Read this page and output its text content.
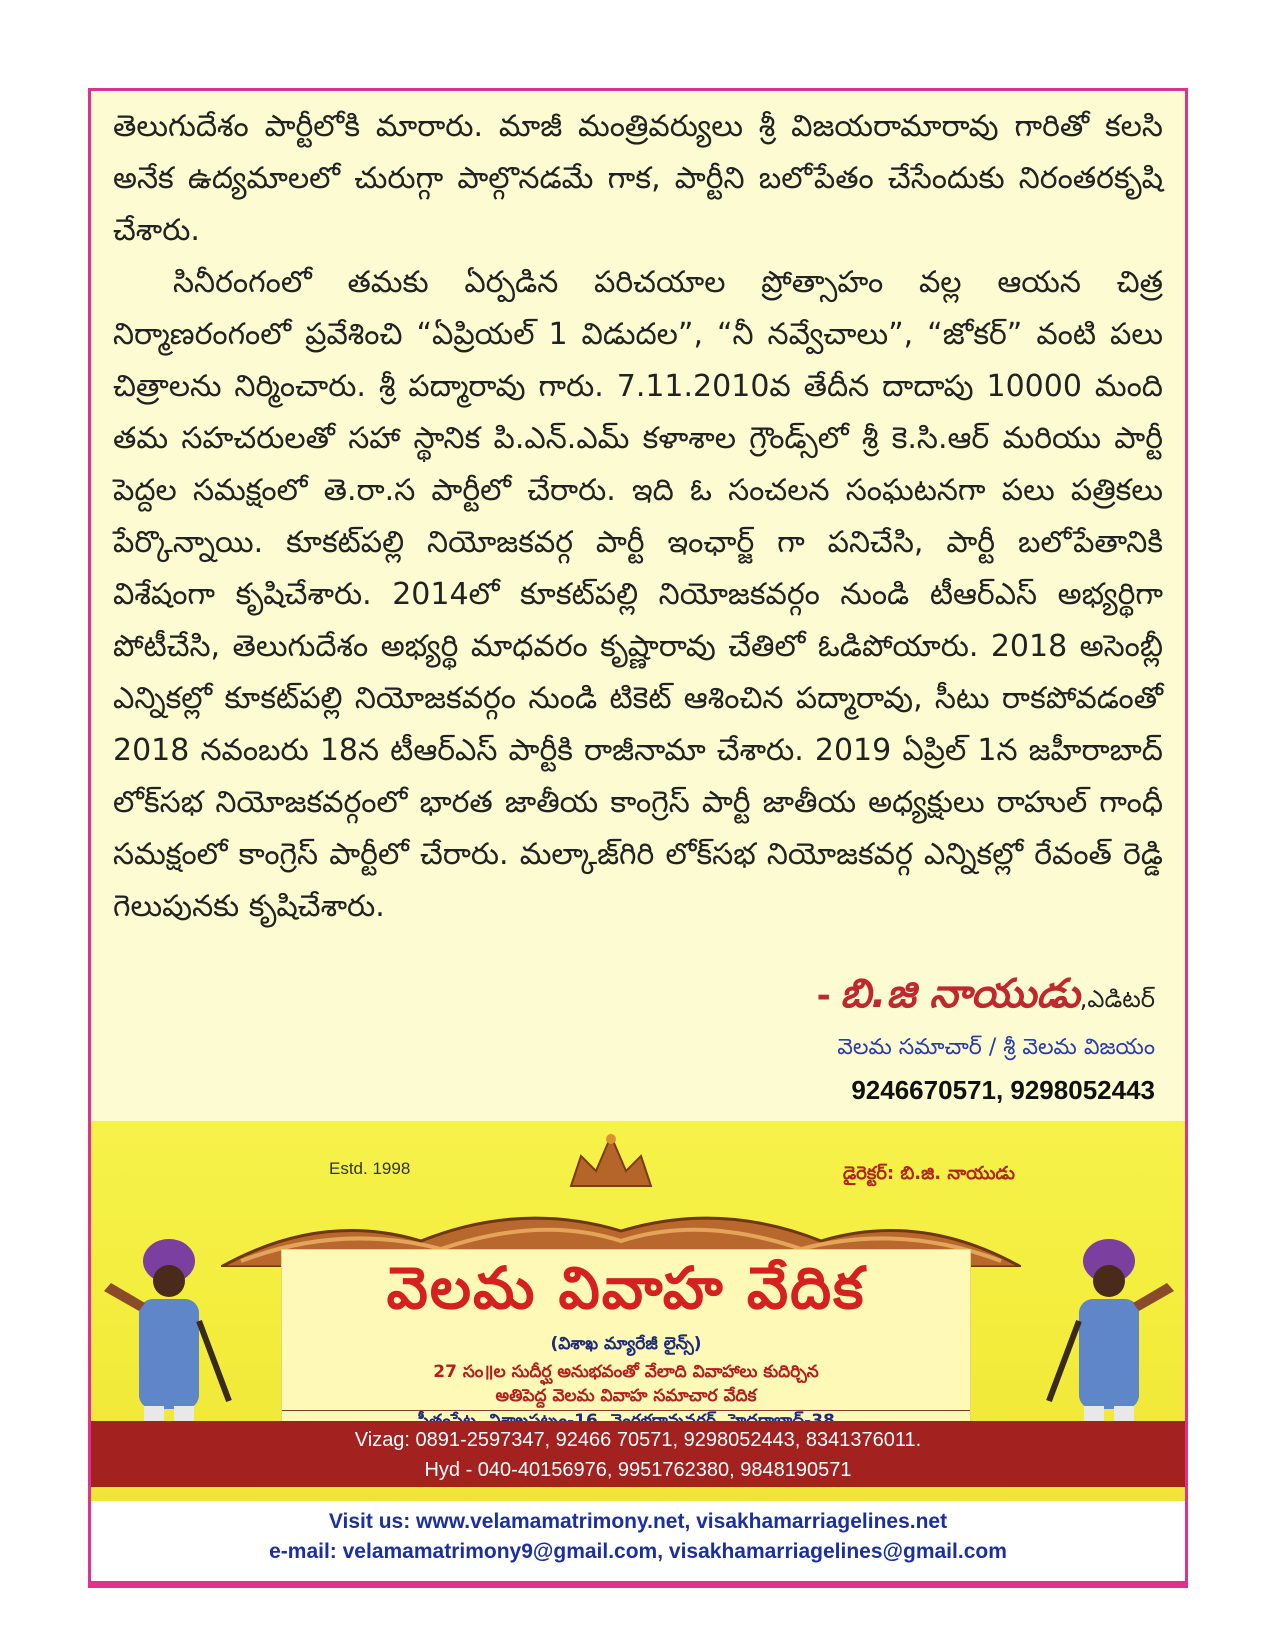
తెలుగుదేశం పార్టీలోకి మారారు. మాజీ మంత్రివర్యులు శ్రీ విజయరామారావు గారితో కలసి అనేక ఉద్యమాలలో చురుగ్గా పాల్గొనడమే గాక, పార్టీని బలోపేతం చేసేందుకు నిరంతరకృషి చేశారు.

సినీరంగంలో తమకు ఏర్పడిన పరిచయాల ప్రోత్సాహం వల్ల ఆయన చిత్ర నిర్మాణరంగంలో ప్రవేశించి “ఏప్రియల్ 1 విడుదల”, “నీ నవ్వేచాలు”, “జోకర్” వంటి పలు చిత్రాలను నిర్మించారు. శ్రీ పద్మారావు గారు. 7.11.2010వ తేదీన దాదాపు 10000 మంది తమ సహచరులతో సహా స్థానిక పి.ఎన్.ఎమ్ కళాశాల గ్రౌండ్స్‌లో శ్రీ కె.సి.ఆర్ మరియు పార్టీ పెద్దల సమక్షంలో తె.రా.స పార్టీలో చేరారు. ఇది ఓ సంచలన సంఘటనగా పలు పత్రికలు పేర్కొన్నాయి. కూకట్‌పల్లి నియోజకవర్గ పార్టీ ఇంఛార్జ్ గా పనిచేసి, పార్టీ బలోపేతానికి విశేషంగా కృషిచేశారు. 2014లో కూకట్‌పల్లి నియోజకవర్గం నుండి టీఆర్ఎస్ అభ్యర్థిగా పోటీచేసి, తెలుగుదేశం అభ్యర్థి మాధవరం కృష్ణారావు చేతిలో ఓడిపోయారు. 2018 అసెంబ్లీ ఎన్నికల్లో కూకట్‌పల్లి నియోజకవర్గం నుండి టికెట్ ఆశించిన పద్మారావు, సీటు రాకపోవడంతో 2018 నవంబరు 18న టీఆర్ఎస్ పార్టీకి రాజీనామా చేశారు. 2019 ఏప్రిల్ 1న జహీరాబాద్ లోక్‌సభ నియోజకవర్గంలో భారత జాతీయ కాంగ్రెస్ పార్టీ జాతీయ అధ్యక్షులు రాహుల్ గాంధీ సమక్షంలో కాంగ్రెస్ పార్టీలో చేరారు. మల్కాజ్‌గిరి లోక్‌సభ నియోజకవర్గ ఎన్నికల్లో రేవంత్ రెడ్డి గెలుపునకు కృషిచేశారు.

- బి.జి నాయుడు,ఎడిటర్
వెలమ సమాచార్ / శ్రీ వెలమ విజయం
9246670571, 9298052443
Estd. 1998	డైరెక్టర్: బి.జి. నాయుడు
వెలమ వివాహ వేదిక
(విశాఖ మ్యారేజీ లైన్స్)
27 సం॥ల సుదీర్ఘ అనుభవంతో వేలాది వివాహాలు కుదిర్చిన
అతిపెద్ద వెలమ వివాహ సమాచార వేదిక
Vizag: 0891-2597347, 92466 70571, 9298052443, 8341376011.
Hyd - 040-40156976, 9951762380, 9848190571
Visit us: www.velamamatrimony.net, visakhamarriagelines.net
e-mail: velamamatrimony9@gmail.com, visakhamarriagelines@gmail.com
